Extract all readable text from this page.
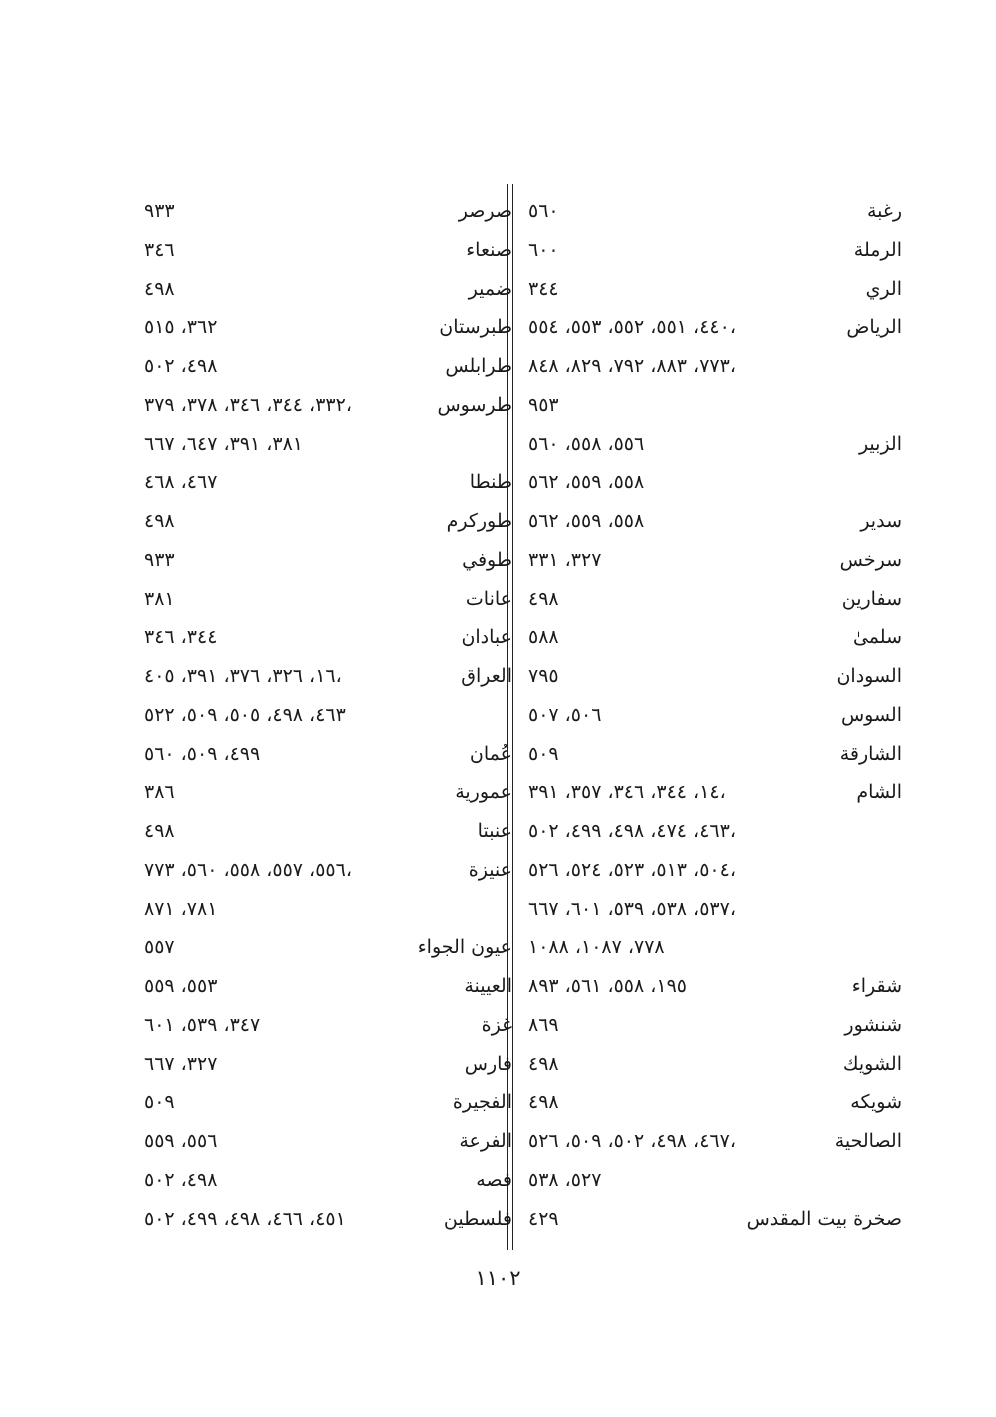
رغبة
٥٦٠
الرملة
٦٠٠
الري
٣٤٤
الرياض
٤٤٠، ٥٥١، ٥٥٢، ٥٥٣، ٥٥٤،
٧٧٣، ٨٨٣، ٧٩٢، ٨٢٩، ٨٤٨،
٩٥٣
الزبير
٥٥٦، ٥٥٨، ٥٦٠
٥٥٨، ٥٥٩، ٥٦٢
سدير
٥٥٨، ٥٥٩، ٥٦٢
سرخس
٣٢٧، ٣٣١
سفارين
٤٩٨
سلمىٰ
٥٨٨
السودان
٧٩٥
السوس
٥٠٦، ٥٠٧
الشارقة
٥٠٩
الشام
١٤، ٣٤٤، ٣٤٦، ٣٥٧، ٣٩١،
٤٦٣، ٤٧٤، ٤٩٨، ٤٩٩، ٥٠٢،
٥٠٤، ٥١٣، ٥٢٣، ٥٢٤، ٥٢٦،
٥٣٧، ٥٣٨، ٥٣٩، ٦٠١، ٦٦٧،
٧٧٨، ١٠٨٧، ١٠٨٨
شقراء
١٩٥، ٥٥٨، ٥٦١، ٨٩٣
شنشور
٨٦٩
الشويك
٤٩٨
شويكه
٤٩٨
الصالحية
٤٦٧، ٤٩٨، ٥٠٢، ٥٠٩، ٥٢٦،
٥٢٧، ٥٣٨
صخرة بيت المقدس
٤٢٩
صرصر
٩٣٣
صنعاء
٣٤٦
ضمير
٤٩٨
طبرستان
٣٦٢، ٥١٥
طرابلس
٤٩٨، ٥٠٢
طرسوس
٣٣٢، ٣٤٤، ٣٤٦، ٣٧٨، ٣٧٩،
٣٨١، ٣٩١، ٦٤٧، ٦٦٧
طنطا
٤٦٧، ٤٦٨
طوركرم
٤٩٨
طوفي
٩٣٣
عانات
٣٨١
عبادان
٣٤٤، ٣٤٦
العراق
١٦، ٣٢٦، ٣٧٦، ٣٩١، ٤٠٥،
٤٦٣، ٤٩٨، ٥٠٥، ٥٠٩، ٥٢٢
عُمان
٤٩٩، ٥٠٩، ٥٦٠
عمورية
٣٨٦
عنبتا
٤٩٨
عنيزة
٥٥٦، ٥٥٧، ٥٥٨، ٥٦٠، ٧٧٣،
٧٨١، ٨٧١
عيون الجواء
٥٥٧
العيينة
٥٥٣، ٥٥٩
غزة
٣٤٧، ٥٣٩، ٦٠١
فارس
٣٢٧، ٦٦٧
الفجيرة
٥٠٩
الفرعة
٥٥٦، ٥٥٩
فصه
٤٩٨، ٥٠٢
فلسطين
٤٥١، ٤٦٦، ٤٩٨، ٤٩٩، ٥٠٢
١١٠٢
